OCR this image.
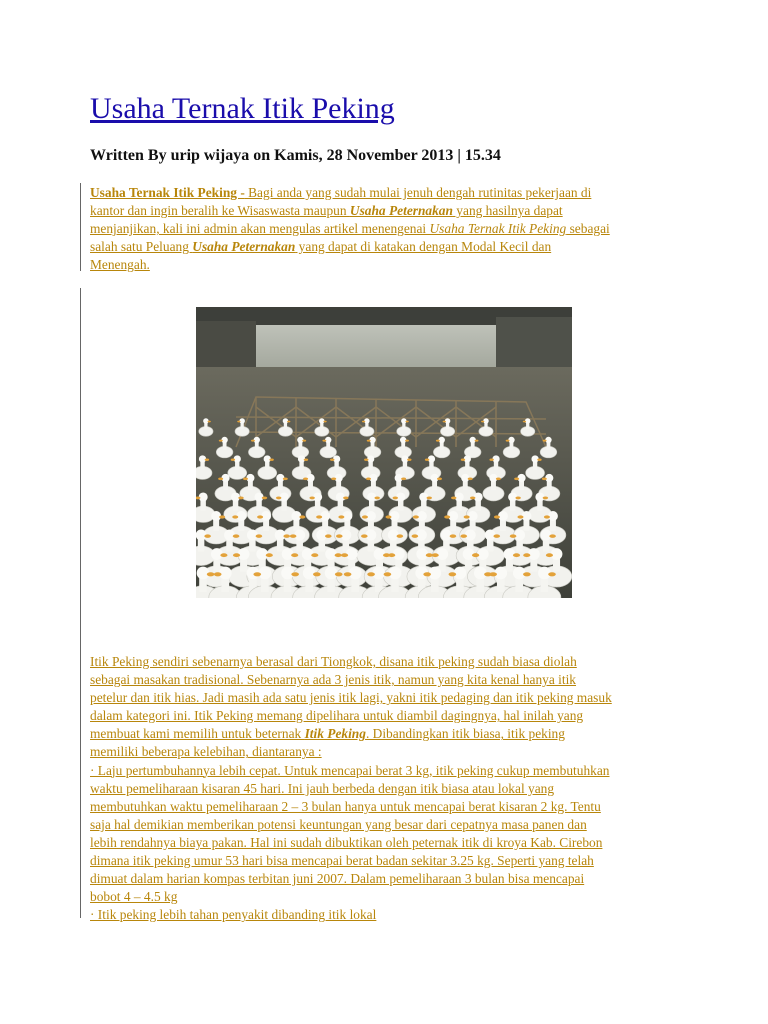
Usaha Ternak Itik Peking

Written By urip wijaya on Kamis, 28 November 2013 | 15.34

Usaha Ternak Itik Peking - Bagi anda yang sudah mulai jenuh dengah rutinitas pekerjaan di
kantor dan ingin beralih ke Wisaswasta maupun Usaha Peternakan yang hasilnya dapat
menjanjikan, kali ini admin akan mengulas artikel menengenai Usaha Ternak Itik Peking sebagai
salah satu Peluang Usaha Peternakan yang dapat di katakan dengan Modal Kecil dan
Menengah.
Itik Peking sendiri sebenarnya berasal dari Tiongkok, disana itik peking sudah biasa diolah
sebagai masakan tradisional. Sebenarnya ada 3 jenis itik, namun yang kita kenal hanya itik
petelur dan itik hias. Jadi masih ada satu jenis itik lagi, yakni itik pedaging dan itik peking masuk
dalam kategori ini. Itik Peking memang dipelihara untuk diambil dagingnya, hal inilah yang
membuat kami memilih untuk beternak Itik Peking. Dibandingkan itik biasa, itik peking
memiliki beberapa kelebihan, diantaranya :
· Laju pertumbuhannya lebih cepat. Untuk mencapai berat 3 kg, itik peking cukup membutuhkan
waktu pemeliharaan kisaran 45 hari. Ini jauh berbeda dengan itik biasa atau lokal yang
membutuhkan waktu pemeliharaan 2 – 3 bulan hanya untuk mencapai berat kisaran 2 kg. Tentu
saja hal demikian memberikan potensi keuntungan yang besar dari cepatnya masa panen dan
lebih rendahnya biaya pakan. Hal ini sudah dibuktikan oleh peternak itik di kroya Kab. Cirebon
dimana itik peking umur 53 hari bisa mencapai berat badan sekitar 3.25 kg. Seperti yang telah
dimuat dalam harian kompas terbitan juni 2007. Dalam pemeliharaan 3 bulan bisa mencapai
bobot 4 – 4.5 kg
· Itik peking lebih tahan penyakit dibanding itik lokal
